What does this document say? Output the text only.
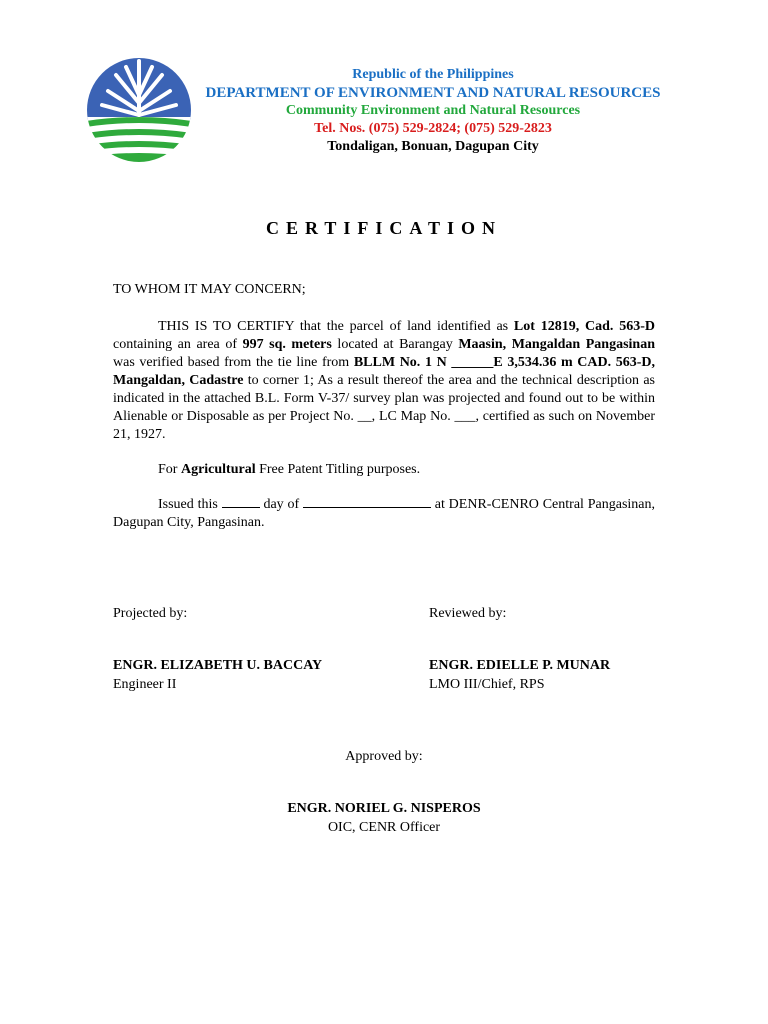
Republic of the Philippines
DEPARTMENT OF ENVIRONMENT AND NATURAL RESOURCES
Community Environment and Natural Resources
Tel. Nos. (075) 529-2824; (075) 529-2823
Tondaligan, Bonuan, Dagupan City
CERTIFICATION
TO WHOM IT MAY CONCERN;
THIS IS TO CERTIFY that the parcel of land identified as Lot 12819, Cad. 563-D containing an area of 997 sq. meters located at Barangay Maasin, Mangaldan Pangasinan was verified based from the tie line from BLLM No. 1 N ______E 3,534.36 m CAD. 563-D, Mangaldan, Cadastre to corner 1; As a result thereof the area and the technical description as indicated in the attached B.L. Form V-37/ survey plan was projected and found out to be within Alienable or Disposable as per Project No. __, LC Map No. ___, certified as such on November 21, 1927.
For Agricultural Free Patent Titling purposes.
Issued this	day of	at DENR-CENRO Central Pangasinan, Dagupan City, Pangasinan.
Projected by:	Reviewed by:
ENGR. ELIZABETH U. BACCAY
Engineer II
ENGR. EDIELLE P. MUNAR
LMO III/Chief, RPS
Approved by:
ENGR. NORIEL G. NISPEROS
OIC, CENR Officer
